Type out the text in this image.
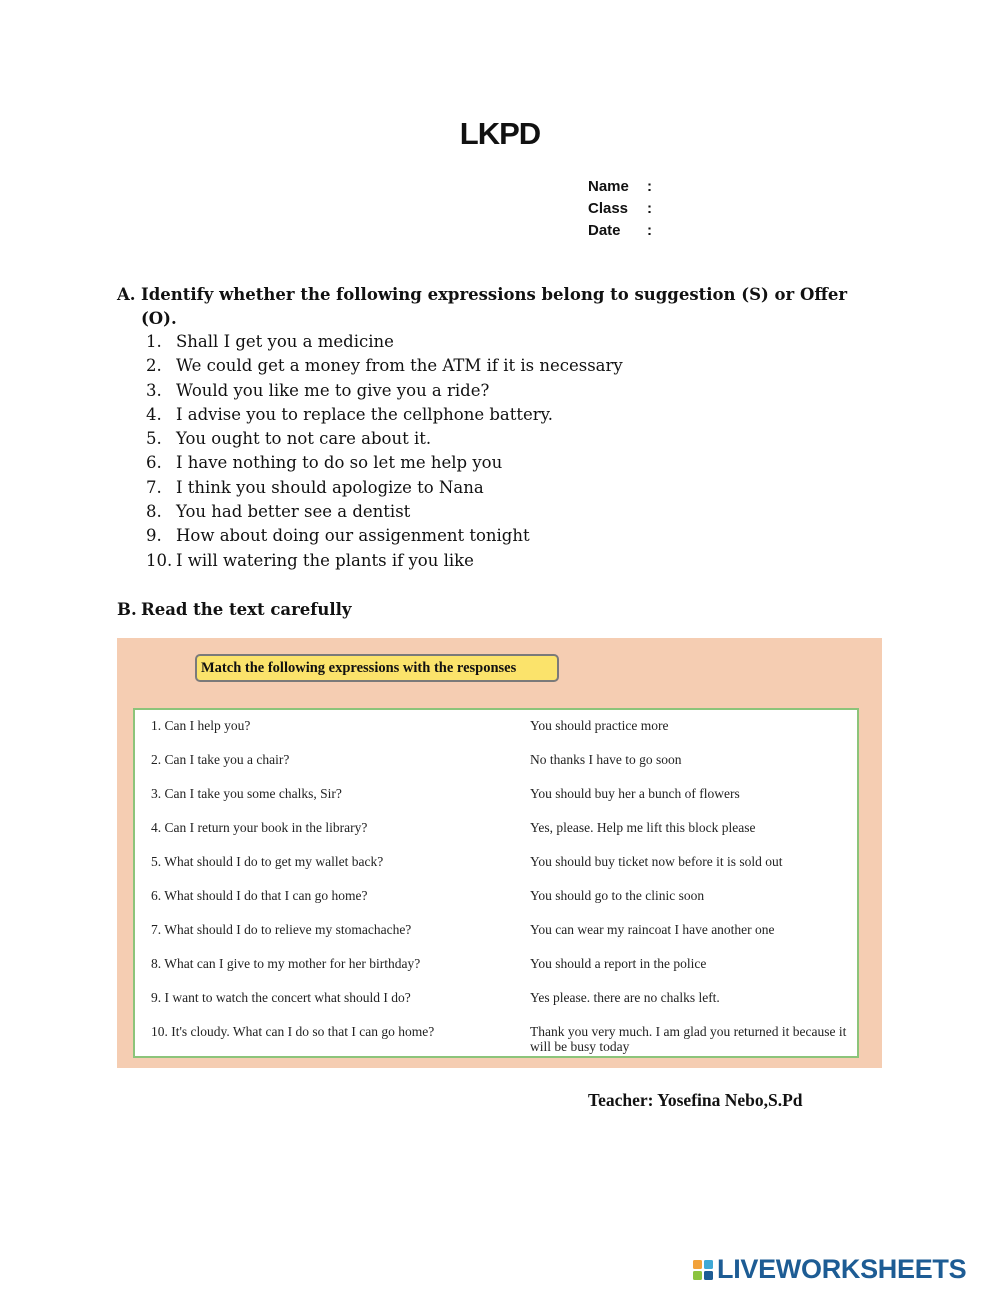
LKPD
Name	:
Class	:
Date	:
A. Identify whether the following expressions belong to suggestion (S) or Offer
(O).
1. Shall I get you a medicine
2. We could get a money from the ATM if it is necessary
3. Would you like me to give you a ride?
4. I advise you to replace the cellphone battery.
5. You ought to not care about it.
6. I have nothing to do so let me help you
7. I think you should apologize to Nana
8. You had better see a dentist
9. How about doing our assigenment tonight
10. I will watering the plants if you like
B. Read the text carefully
Match the following expressions with the responses
1. Can I help you?	You should practice more
2. Can I take you a chair?	No thanks I have to go soon
3. Can I take you some chalks, Sir?	You should buy her a bunch of flowers
4. Can I return your book in the library?	Yes, please. Help me lift this block please
5. What should I do to get my wallet back?	You should buy ticket now before it is sold out
6. What should I do that I can go home?	You should go to the clinic soon
7. What should I do to relieve my stomachache?	You can wear my raincoat I have another one
8. What can I give to my mother for her birthday?	You should a report in the police
9. I want to watch the concert what should I do?	Yes please. there are no chalks left.
10. It's cloudy. What can I do so that I can go home?	Thank you very much. I am glad you returned it because it will be busy today
Teacher: Yosefina Nebo,S.Pd
LIVEWORKSHEETS
